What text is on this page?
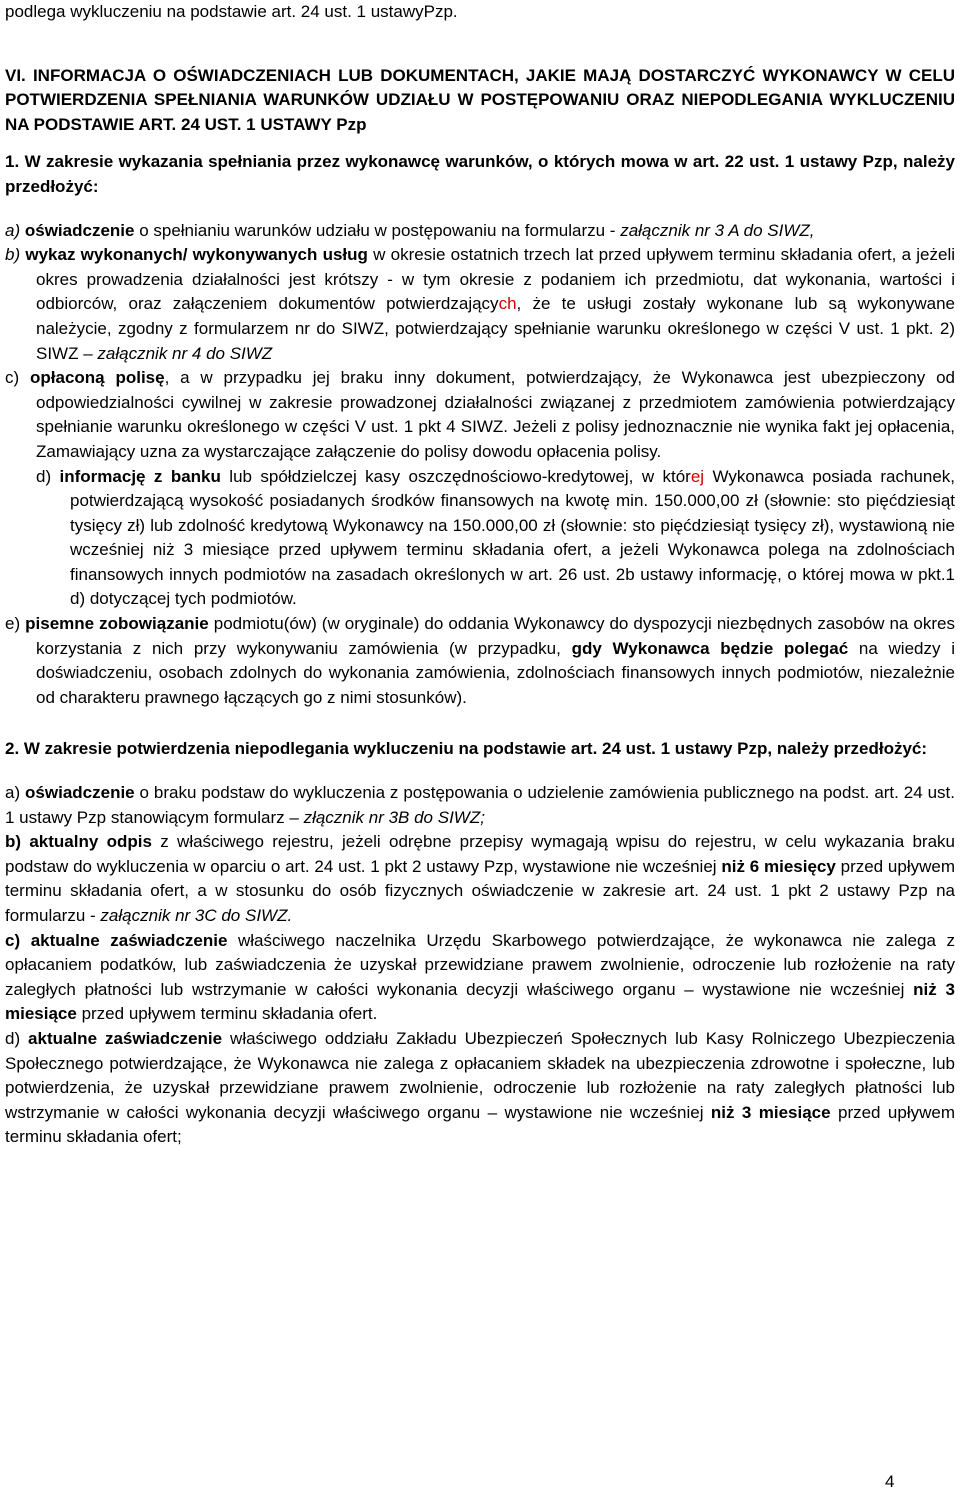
podlega wykluczeniu na podstawie art. 24 ust. 1 ustawyPzp.

VI. INFORMACJA O OŚWIADCZENIACH LUB DOKUMENTACH, JAKIE MAJĄ DOSTARCZYĆ WYKONAWCY W CELU POTWIERDZENIA SPEŁNIANIA WARUNKÓW UDZIAŁU W POSTĘPOWANIU ORAZ NIEPODLEGANIA WYKLUCZENIU NA PODSTAWIE ART. 24 UST. 1 USTAWY Pzp

1. W zakresie wykazania spełniania przez wykonawcę warunków, o których mowa w art. 22 ust. 1 ustawy Pzp, należy przedłożyć:

a) oświadczenie o spełnianiu warunków udziału w postępowaniu na formularzu - załącznik nr 3 A do SIWZ,

b) wykaz wykonanych/ wykonywanych usług w okresie ostatnich trzech lat przed upływem terminu składania ofert, a jeżeli okres prowadzenia działalności jest krótszy - w tym okresie z podaniem ich przedmiotu, dat wykonania, wartości i odbiorców, oraz załączeniem dokumentów potwierdzających, że te usługi zostały wykonane lub są wykonywane należycie, zgodny z formularzem nr do SIWZ, potwierdzający spełnianie warunku określonego w części V ust. 1 pkt. 2) SIWZ – załącznik nr 4 do SIWZ

c) opłaconą polisę, a w przypadku jej braku inny dokument, potwierdzający, że Wykonawca jest ubezpieczony od odpowiedzialności cywilnej w zakresie prowadzonej działalności związanej z przedmiotem zamówienia potwierdzający spełnianie warunku określonego w części V ust. 1 pkt 4 SIWZ. Jeżeli z polisy jednoznacznie nie wynika fakt jej opłacenia, Zamawiający uzna za wystarczające załączenie do polisy dowodu opłacenia polisy.

d) informację z banku lub spółdzielczej kasy oszczędnościowo-kredytowej, w której Wykonawca posiada rachunek, potwierdzającą wysokość posiadanych środków finansowych na kwotę min. 150.000,00 zł (słownie: sto pięćdziesiąt tysięcy zł) lub zdolność kredytową Wykonawcy na 150.000,00 zł (słownie: sto pięćdziesiąt tysięcy zł), wystawioną nie wcześniej niż 3 miesiące przed upływem terminu składania ofert, a jeżeli Wykonawca polega na zdolnościach finansowych innych podmiotów na zasadach określonych w art. 26 ust. 2b ustawy informację, o której mowa w pkt.1 d) dotyczącej tych podmiotów.

e) pisemne zobowiązanie podmiotu(ów) (w oryginale) do oddania Wykonawcy do dyspozycji niezbędnych zasobów na okres korzystania z nich przy wykonywaniu zamówienia (w przypadku, gdy Wykonawca będzie polegać na wiedzy i doświadczeniu, osobach zdolnych do wykonania zamówienia, zdolnościach finansowych innych podmiotów, niezależnie od charakteru prawnego łączących go z nimi stosunków).

2. W zakresie potwierdzenia niepodlegania wykluczeniu na podstawie art. 24 ust. 1 ustawy Pzp, należy przedłożyć:

a) oświadczenie o braku podstaw do wykluczenia z postępowania o udzielenie zamówienia publicznego na podst. art. 24 ust. 1 ustawy Pzp stanowiącym formularz – złącznik nr 3B do SIWZ;

b) aktualny odpis z właściwego rejestru, jeżeli odrębne przepisy wymagają wpisu do rejestru, w celu wykazania braku podstaw do wykluczenia w oparciu o art. 24 ust. 1 pkt 2 ustawy Pzp, wystawione nie wcześniej niż 6 miesięcy przed upływem terminu składania ofert, a w stosunku do osób fizycznych oświadczenie w zakresie art. 24 ust. 1 pkt 2 ustawy Pzp na formularzu - załącznik nr 3C do SIWZ.

c) aktualne zaświadczenie właściwego naczelnika Urzędu Skarbowego potwierdzające, że wykonawca nie zalega z opłacaniem podatków, lub zaświadczenia że uzyskał przewidziane prawem zwolnienie, odroczenie lub rozłożenie na raty zaległych płatności lub wstrzymanie w całości wykonania decyzji właściwego organu – wystawione nie wcześniej niż 3 miesiące przed upływem terminu składania ofert.

d) aktualne zaświadczenie właściwego oddziału Zakładu Ubezpieczeń Społecznych lub Kasy Rolniczego Ubezpieczenia Społecznego potwierdzające, że Wykonawca nie zalega z opłacaniem składek na ubezpieczenia zdrowotne i społeczne, lub potwierdzenia, że uzyskał przewidziane prawem zwolnienie, odroczenie lub rozłożenie na raty zaległych płatności lub wstrzymanie w całości wykonania decyzji właściwego organu – wystawione nie wcześniej niż 3 miesiące przed upływem terminu składania ofert;

4
